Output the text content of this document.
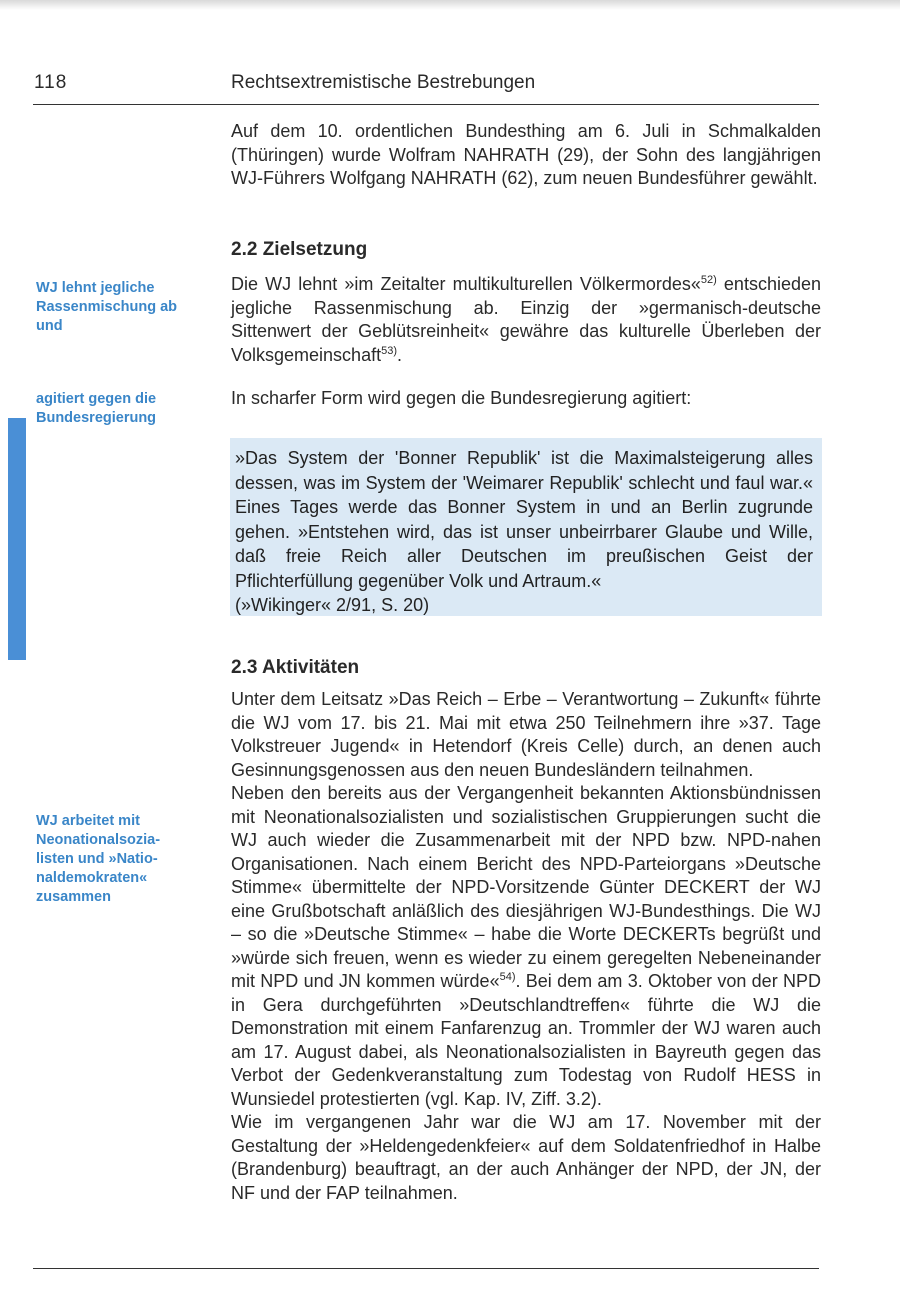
118	Rechtsextremistische Bestrebungen
WJ lehnt jegliche Rassenmischung ab und
agitiert gegen die Bundesregierung
WJ arbeitet mit Neonationalsozia-listen und »Natio-naldemokraten« zusammen

Auf dem 10. ordentlichen Bundesthing am 6. Juli in Schmalkalden (Thüringen) wurde Wolfram NAHRATH (29), der Sohn des langjährigen WJ-Führers Wolfgang NAHRATH (62), zum neuen Bundesführer gewählt.

2.2 Zielsetzung

Die WJ lehnt »im Zeitalter multikulturellen Völkermordes«$^{52)}$ entschieden jegliche Rassenmischung ab. Einzig der »germanisch-deutsche Sittenwert der Geblütsreinheit« gewähre das kulturelle Überleben der Volksgemeinschaft$^{53)}$.

In scharfer Form wird gegen die Bundesregierung agitiert:
»Das System der 'Bonner Republik' ist die Maximalsteigerung alles dessen, was im System der 'Weimarer Republik' schlecht und faul war.« Eines Tages werde das Bonner System in und an Berlin zugrunde gehen. »Entstehen wird, das ist unser unbeirrbarer Glaube und Wille, daß freie Reich aller Deutschen im preußischen Geist der Pflichterfüllung gegenüber Volk und Artraum.«
(»Wikinger« 2/91, S. 20)
2.3 Aktivitäten

Unter dem Leitsatz »Das Reich – Erbe – Verantwortung – Zukunft« führte die WJ vom 17. bis 21. Mai mit etwa 250 Teilnehmern ihre »37. Tage Volkstreuer Jugend« in Hetendorf (Kreis Celle) durch, an denen auch Gesinnungsgenossen aus den neuen Bundesländern teilnahmen.

Neben den bereits aus der Vergangenheit bekannten Aktionsbündnissen mit Neonationalsozialisten und sozialistischen Gruppierungen sucht die WJ auch wieder die Zusammenarbeit mit der NPD bzw. NPD-nahen Organisationen. Nach einem Bericht des NPD-Parteiorgans »Deutsche Stimme« übermittelte der NPD-Vorsitzende Günter DECKERT der WJ eine Grußbotschaft anläßlich des diesjährigen WJ-Bundesthings. Die WJ – so die »Deutsche Stimme« – habe die Worte DECKERTs begrüßt und »würde sich freuen, wenn es wieder zu einem geregelten Nebeneinander mit NPD und JN kommen würde«$^{54)}$. Bei dem am 3. Oktober von der NPD in Gera durchgeführten »Deutschlandtreffen« führte die WJ die Demonstration mit einem Fanfarenzug an. Trommler der WJ waren auch am 17. August dabei, als Neonationalsozialisten in Bayreuth gegen das Verbot der Gedenkveranstaltung zum Todestag von Rudolf HESS in Wunsiedel protestierten (vgl. Kap. IV, Ziff. 3.2).

Wie im vergangenen Jahr war die WJ am 17. November mit der Gestaltung der »Heldengedenkfeier« auf dem Soldatenfriedhof in Halbe (Brandenburg) beauftragt, an der auch Anhänger der NPD, der JN, der NF und der FAP teilnahmen.
